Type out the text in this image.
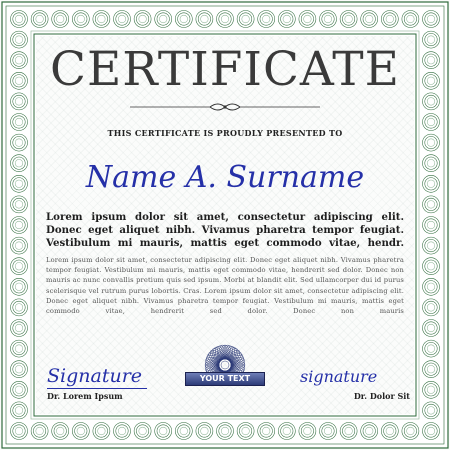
CERTIFICATE
THIS CERTIFICATE IS PROUDLY PRESENTED TO
Name A. Surname
Lorem ipsum dolor sit amet, consectetur adipiscing elit. Donec eget aliquet nibh. Vivamus pharetra tempor feugiat. Vestibulum mi mauris, mattis eget commodo vitae, hendr.
Lorem ipsum dolor sit amet, consectetur adipiscing elit. Donec eget aliquet nibh. Vivamus pharetra tempor feugiat. Vestibulum mi mauris, mattis eget commodo vitae, hendrerit sed dolor. Donec non mauris ac nunc convallis pretium quis sed ipsum. Morbi at blandit elit. Sed ullamcorper dui id purus scelerisque vel rutrum purus lobortis. Cras. Lorem ipsum dolor sit amet, consectetur adipiscing elit. Donec eget aliquet nibh. Vivamus pharetra tempor feugiat. Vestibulum mi mauris, mattis eget commodo vitae, hendrerit sed dolor. Donec non mauris
Signature
Dr. Lorem Ipsum
YOUR TEXT	signature
Dr. Dolor Sit
